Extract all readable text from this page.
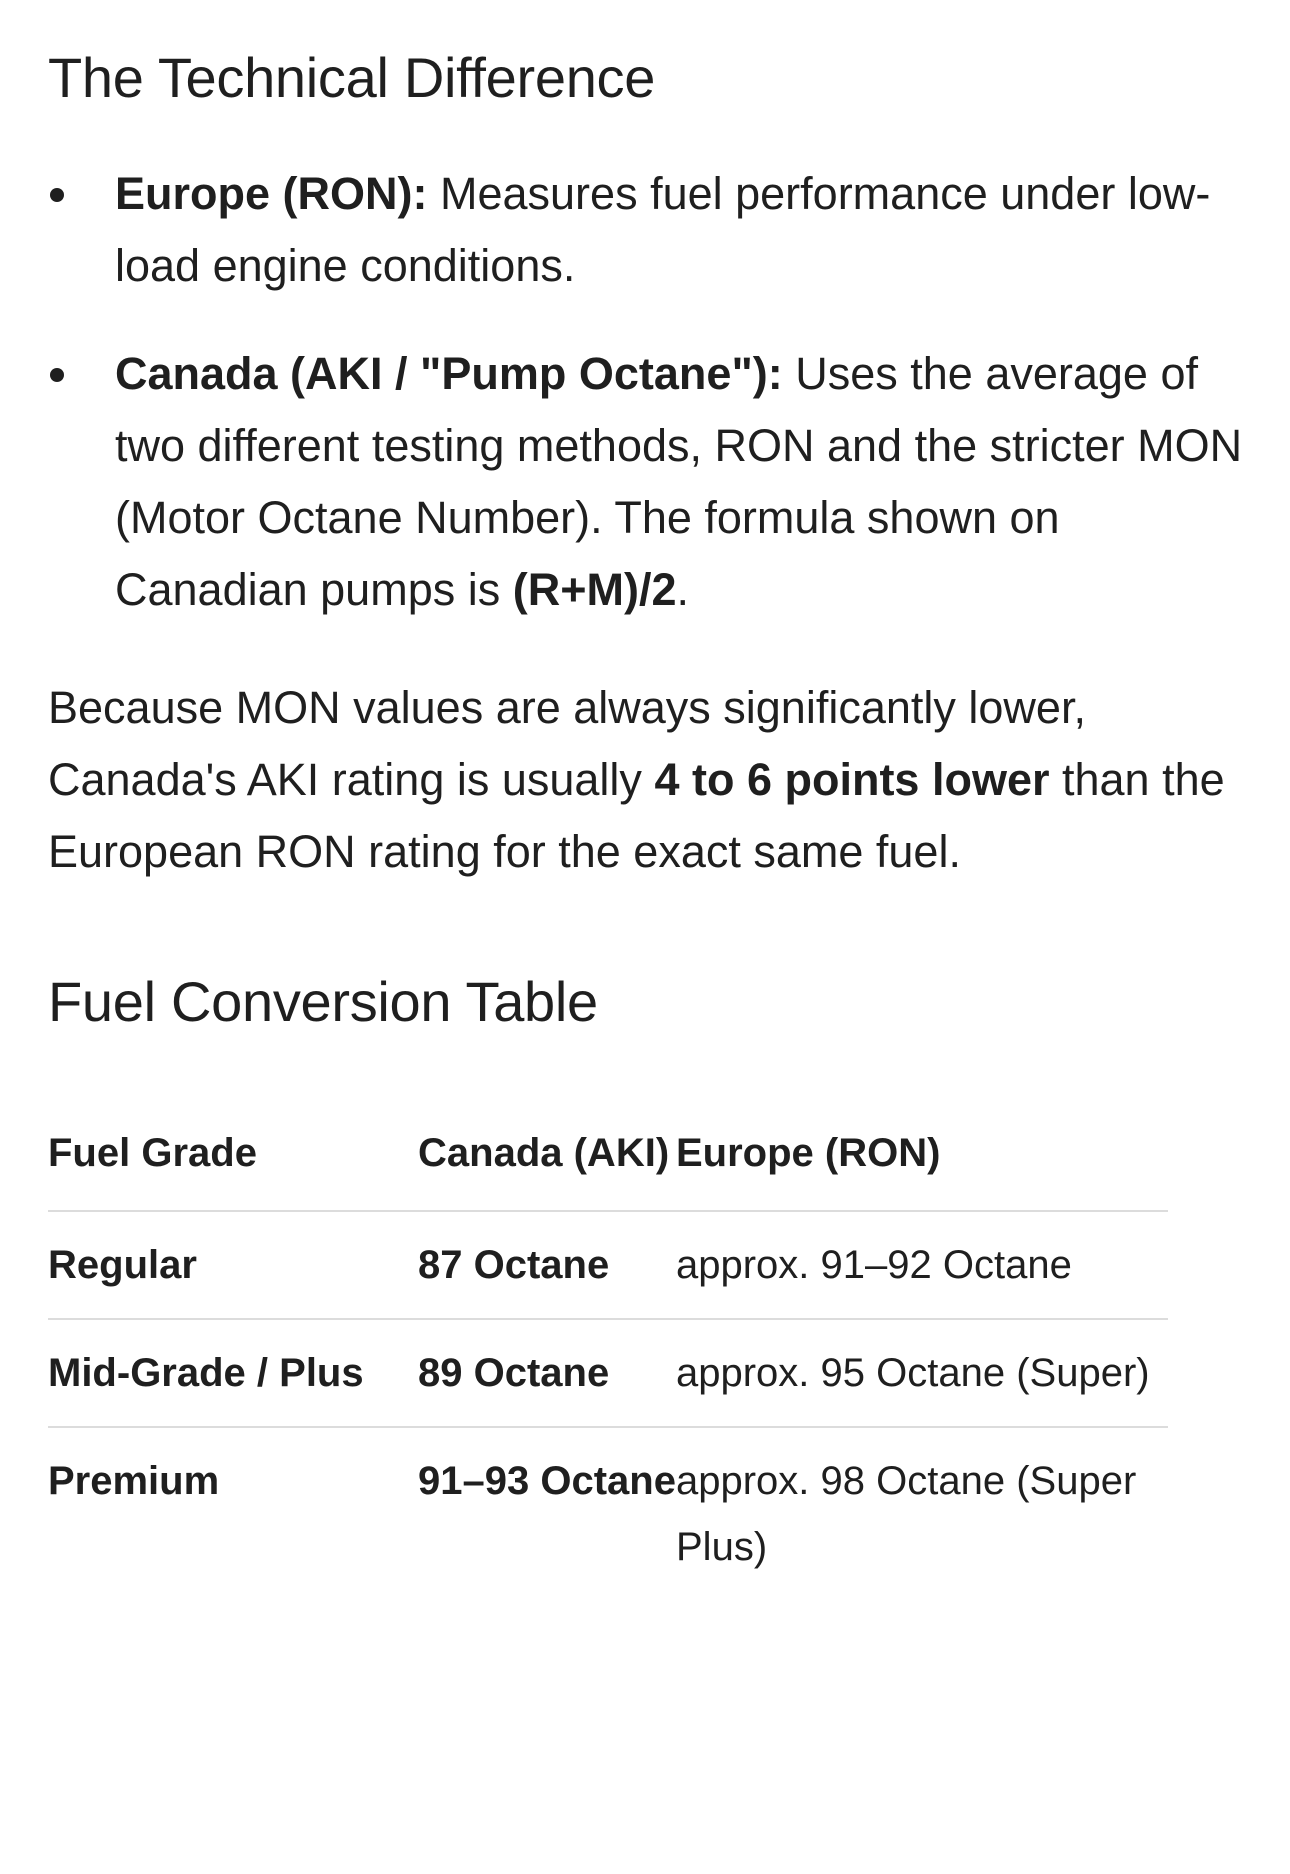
The Technical Difference
Europe (RON): Measures fuel performance under low-load engine conditions.
Canada (AKI / "Pump Octane"): Uses the average of two different testing methods, RON and the stricter MON (Motor Octane Number). The formula shown on Canadian pumps is (R+M)/2.

Because MON values are always significantly lower, Canada's AKI rating is usually 4 to 6 points lower than the European RON rating for the exact same fuel.

Fuel Conversion Table
Fuel Grade	Canada (AKI)	Europe (RON)
Regular	87 Octane	approx. 91–92 Octane
Mid-Grade / Plus	89 Octane	approx. 95 Octane (Super)
Premium	91–93 Octane	approx. 98 Octane (Super Plus)
